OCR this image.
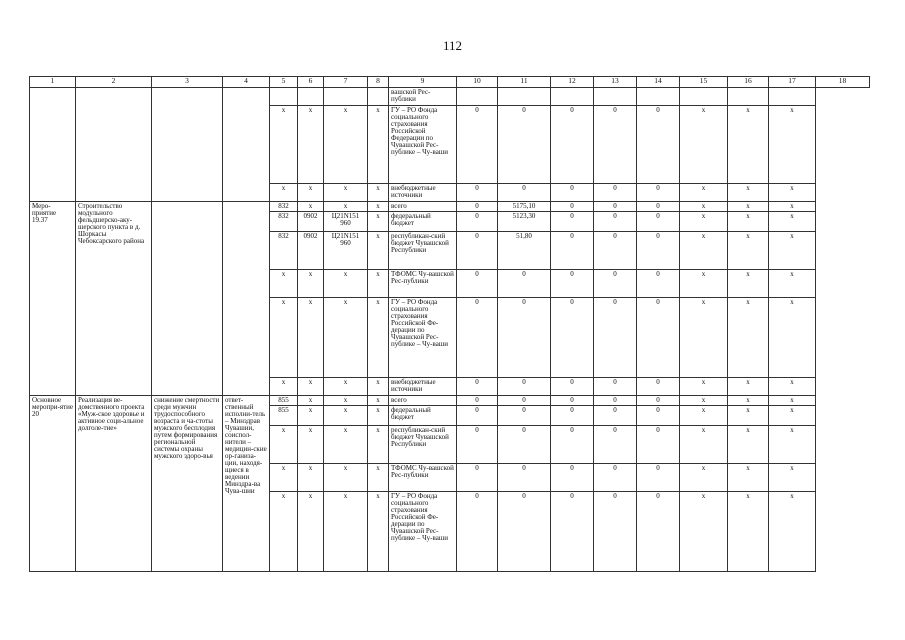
112
1	2	3	4	5	6	7	8	9	10	11	12	13	14	15	16	17	18
								вашской Рес-публики									
				x	x	x	x	ГУ – РО Фонда социального страхования Российской Федерации по Чувашской Рес-публике – Чу-ваши	0	0	0	0	0	x	x	x	
				x	x	x	x	внебюджетные источники	0	0	0	0	0	x	x	x	
Меро-приятие 19.37	Строительство модульного фельдшерско-аку-шерского пункта в д. Шоркасы Чебоксарского района			832	x	x	x	всего	0	5175,10	0	0	0	x	x	x	
				832	0902	Ц21N151 960	x	федеральный бюджет	0	5123,30	0	0	0	x	x	x	
				832	0902	Ц21N151 960	x	республикан-ский бюджет Чувашской Республики	0	51,80	0	0	0	x	x	x	
				x	x	x	x	ТФОМС Чу-вашской Рес-публики	0	0	0	0	0	x	x	x	
				x	x	x	x	ГУ – РО Фонда социального страхования Российской Фе-дерации по Чувашской Рес-публике – Чу-ваши	0	0	0	0	0	x	x	x	
				x	x	x	x	внебюджетные источники	0	0	0	0	0	x	x	x	
Основное меропри-ятие 20	Реализация ве-домственного проекта «Муж-ское здоровье и активное соци-альное долголе-тие»	снижение смертности среди мужчин трудоспособного возраста и ча-стоты мужского бесплодия путем формирования региональной системы охраны мужского здоро-вья	ответ-ственный исполни-тель – Минздрав Чувашии, соиспол-нители – медицин-ские ор-ганиза-ции, находя-щиеся в ведении Минздра-ва Чува-шии	855	x	x	x	всего	0	0	0	0	0	x	x	x	
				855	x	x	x	федеральный бюджет	0	0	0	0	0	x	x	x	
				x	x	x	x	республикан-ский бюджет Чувашской Республики	0	0	0	0	0	x	x	x	
				x	x	x	x	ТФОМС Чу-вашской Рес-публики	0	0	0	0	0	x	x	x	
				x	x	x	x	ГУ – РО Фонда социального страхования Российской Фе-дерации по Чувашской Рес-публике – Чу-ваши	0	0	0	0	0	x	x	x	
